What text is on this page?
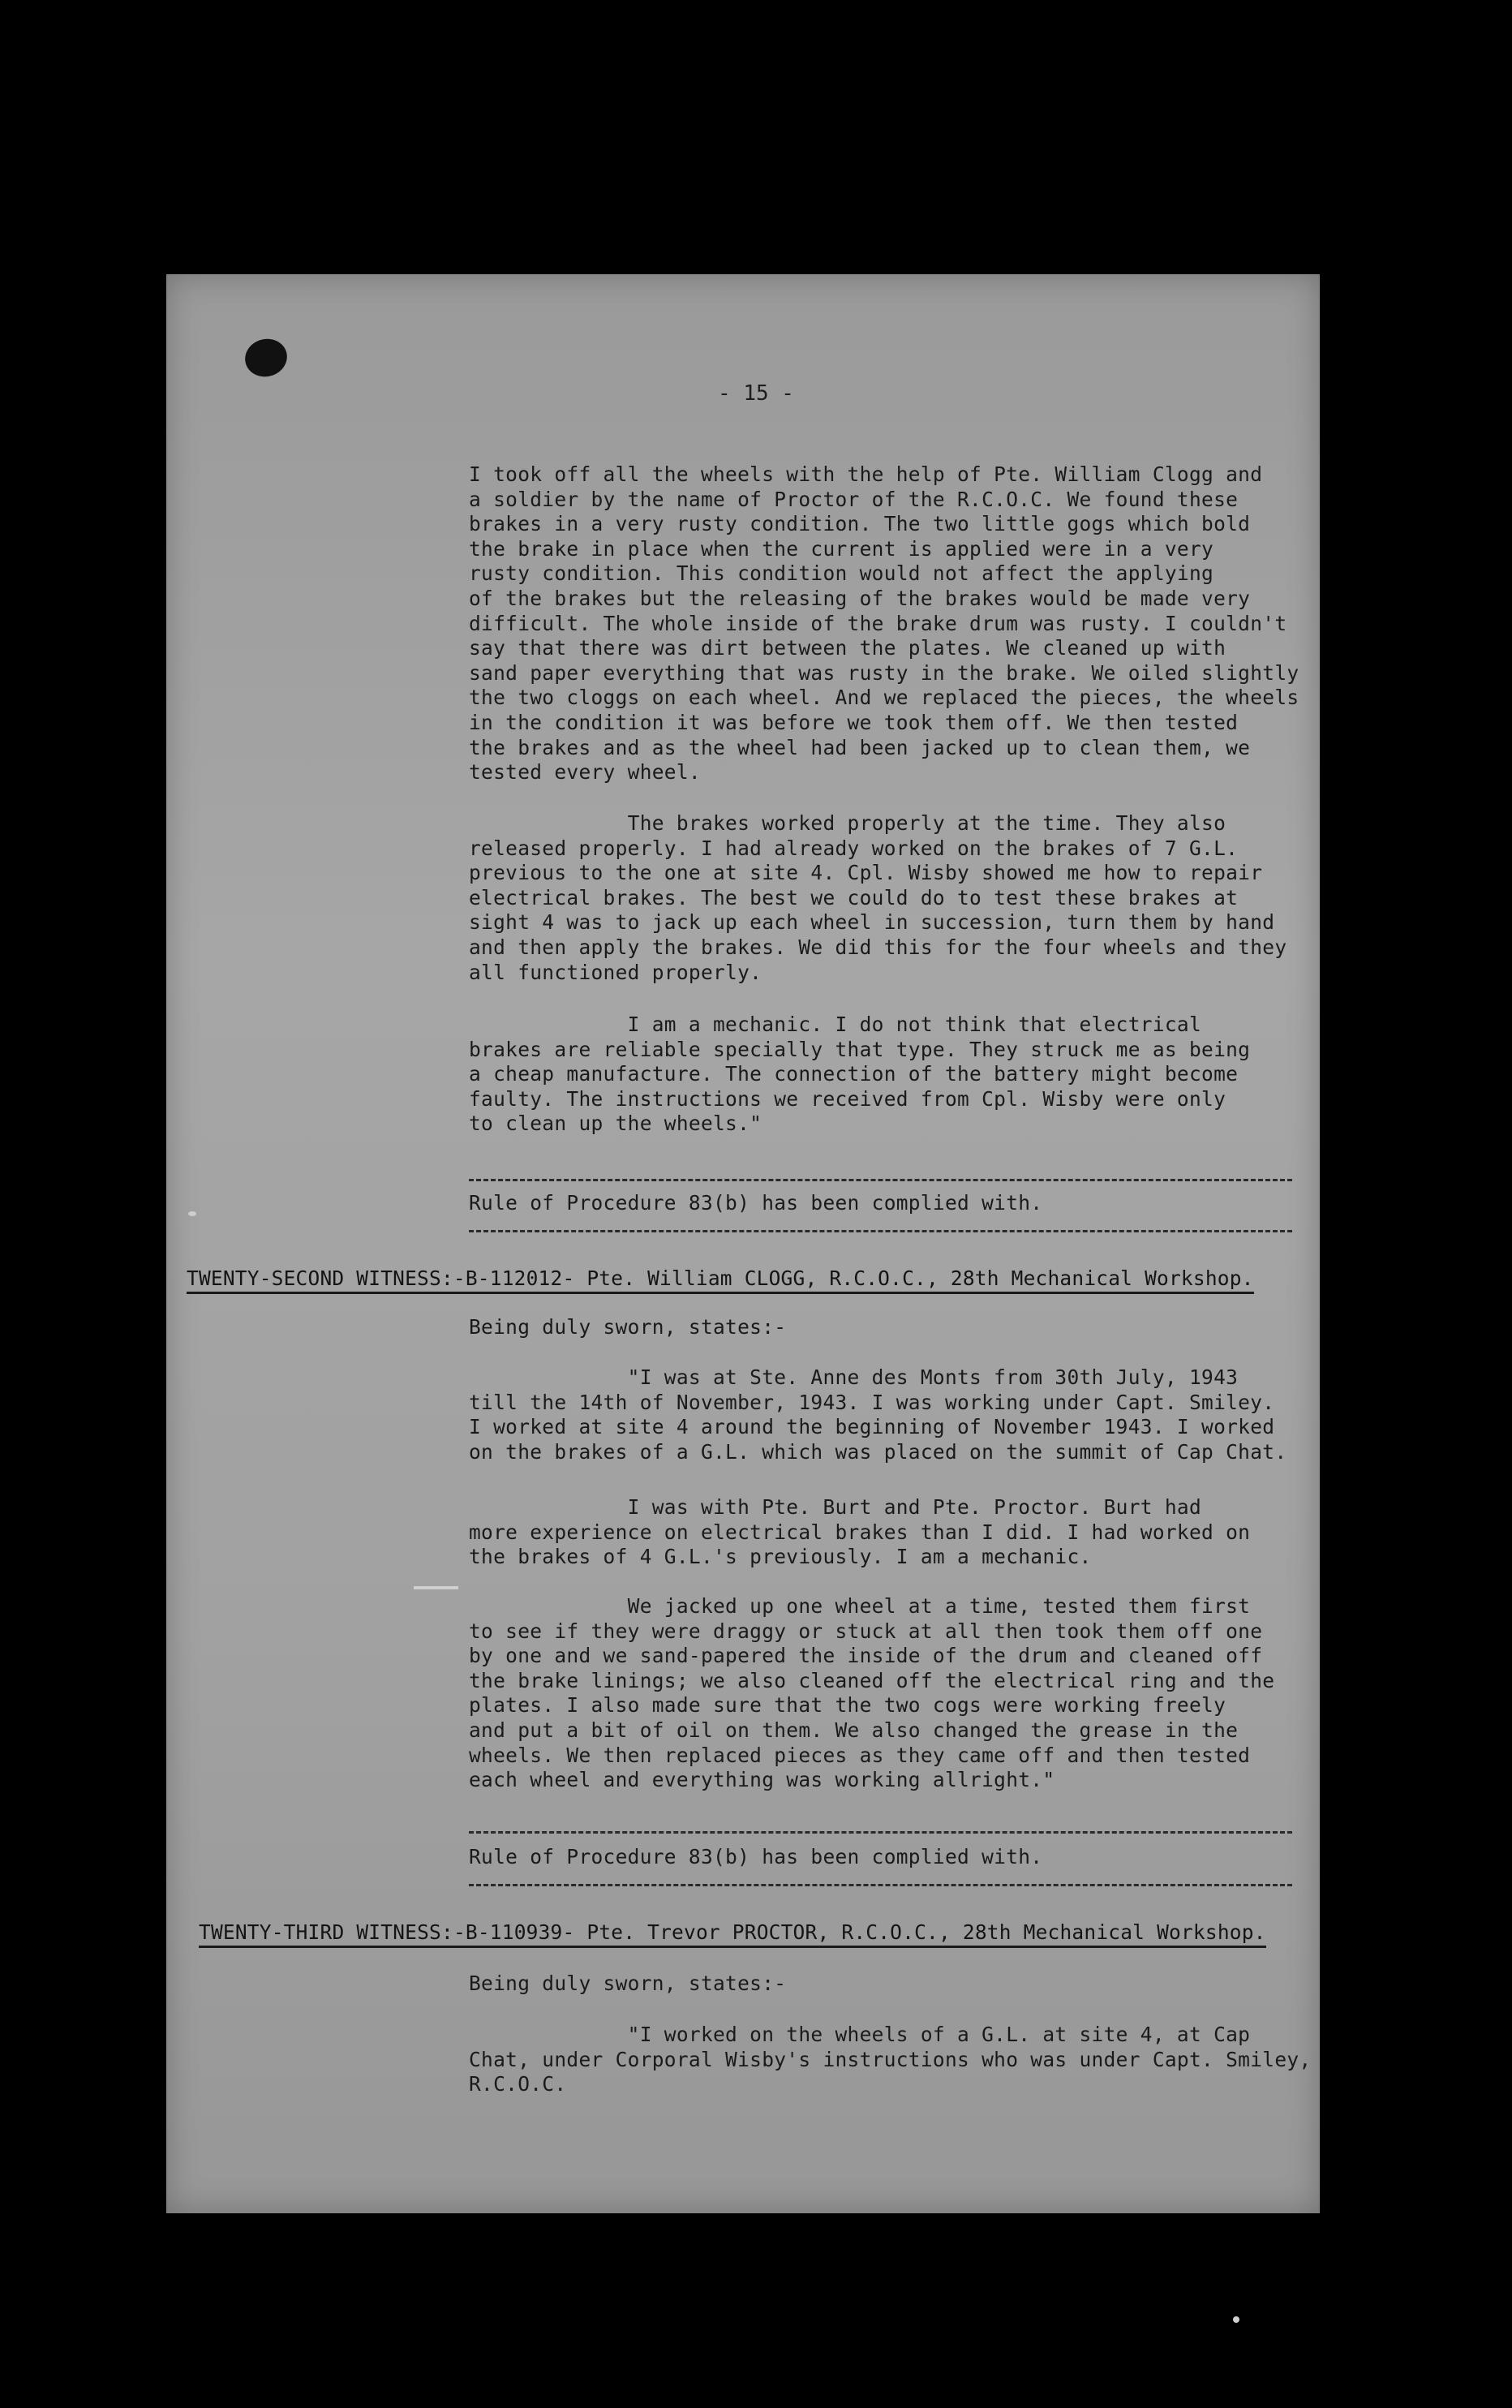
- 15 -
I took off all the wheels with the help of Pte. William Clogg and
a soldier by the name of Proctor of the R.C.O.C. We found these
brakes in a very rusty condition. The two little gogs which bold
the brake in place when the current is applied were in a very
rusty condition. This condition would not affect the applying
of the brakes but the releasing of the brakes would be made very
difficult. The whole inside of the brake drum was rusty. I couldn't
say that there was dirt between the plates. We cleaned up with
sand paper everything that was rusty in the brake. We oiled slightly
the two cloggs on each wheel. And we replaced the pieces, the wheels
in the condition it was before we took them off. We then tested
the brakes and as the wheel had been jacked up to clean them, we
tested every wheel.
The brakes worked properly at the time. They also
released properly. I had already worked on the brakes of 7 G.L.
previous to the one at site 4. Cpl. Wisby showed me how to repair
electrical brakes. The best we could do to test these brakes at
sight 4 was to jack up each wheel in succession, turn them by hand
and then apply the brakes. We did this for the four wheels and they
all functioned properly.
I am a mechanic. I do not think that electrical
brakes are reliable specially that type. They struck me as being
a cheap manufacture. The connection of the battery might become
faulty. The instructions we received from Cpl. Wisby were only
to clean up the wheels."
Rule of Procedure 83(b) has been complied with.
TWENTY-SECOND WITNESS:-B-112012- Pte. William CLOGG, R.C.O.C., 28th Mechanical Workshop.
Being duly sworn, states:-
"I was at Ste. Anne des Monts from 30th July, 1943
till the 14th of November, 1943. I was working under Capt. Smiley.
I worked at site 4 around the beginning of November 1943. I worked
on the brakes of a G.L. which was placed on the summit of Cap Chat.
I was with Pte. Burt and Pte. Proctor. Burt had
more experience on electrical brakes than I did. I had worked on
the brakes of 4 G.L.'s previously. I am a mechanic.
We jacked up one wheel at a time, tested them first
to see if they were draggy or stuck at all then took them off one
by one and we sand-papered the inside of the drum and cleaned off
the brake linings; we also cleaned off the electrical ring and the
plates. I also made sure that the two cogs were working freely
and put a bit of oil on them. We also changed the grease in the
wheels. We then replaced pieces as they came off and then tested
each wheel and everything was working allright."
Rule of Procedure 83(b) has been complied with.
TWENTY-THIRD WITNESS:-B-110939- Pte. Trevor PROCTOR, R.C.O.C., 28th Mechanical Workshop.
Being duly sworn, states:-
"I worked on the wheels of a G.L. at site 4, at Cap
Chat, under Corporal Wisby's instructions who was under Capt. Smiley,
R.C.O.C.
